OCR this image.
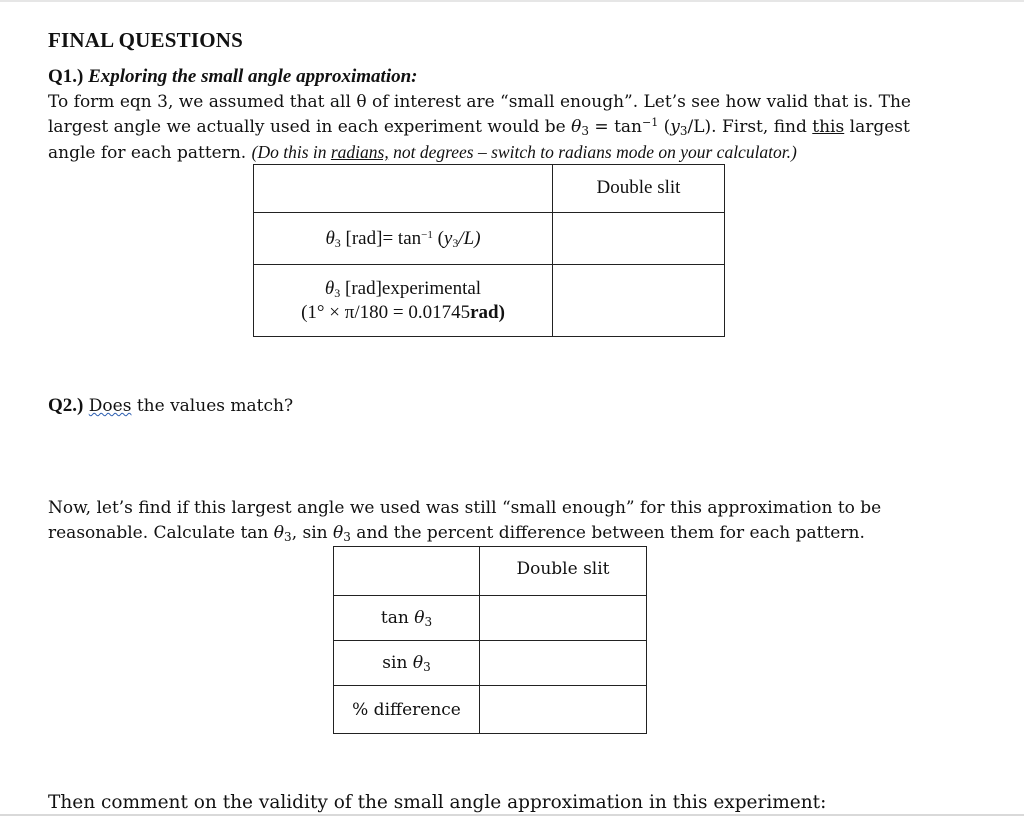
FINAL QUESTIONS
Q1.) Exploring the small angle approximation:
To form eqn 3, we assumed that all θ of interest are “small enough”. Let’s see how valid that is. The
largest angle we actually used in each experiment would be $\theta_3 = \tan^{-1} (y_3/L)$. First, find this largest
angle for each pattern. (Do this in radians, not degrees – switch to radians mode on your calculator.)
	Double slit
$\theta_3$ $[rad]= \tan^{-1} (y_3/L)$	

$\theta_3$ [rad]experimental
(1° × π/180 = 0.01745rad)	

Q2.) Does the values match?
Now, let’s find if this largest angle we used was still “small enough” for this approximation to be
reasonable. Calculate $\tan \theta_3$, $\sin \theta_3$ and the percent difference between them for each pattern.
	Double slit
$\tan \theta_3$	
$\sin \theta_3$	
% difference	
Then comment on the validity of the small angle approximation in this experiment:
